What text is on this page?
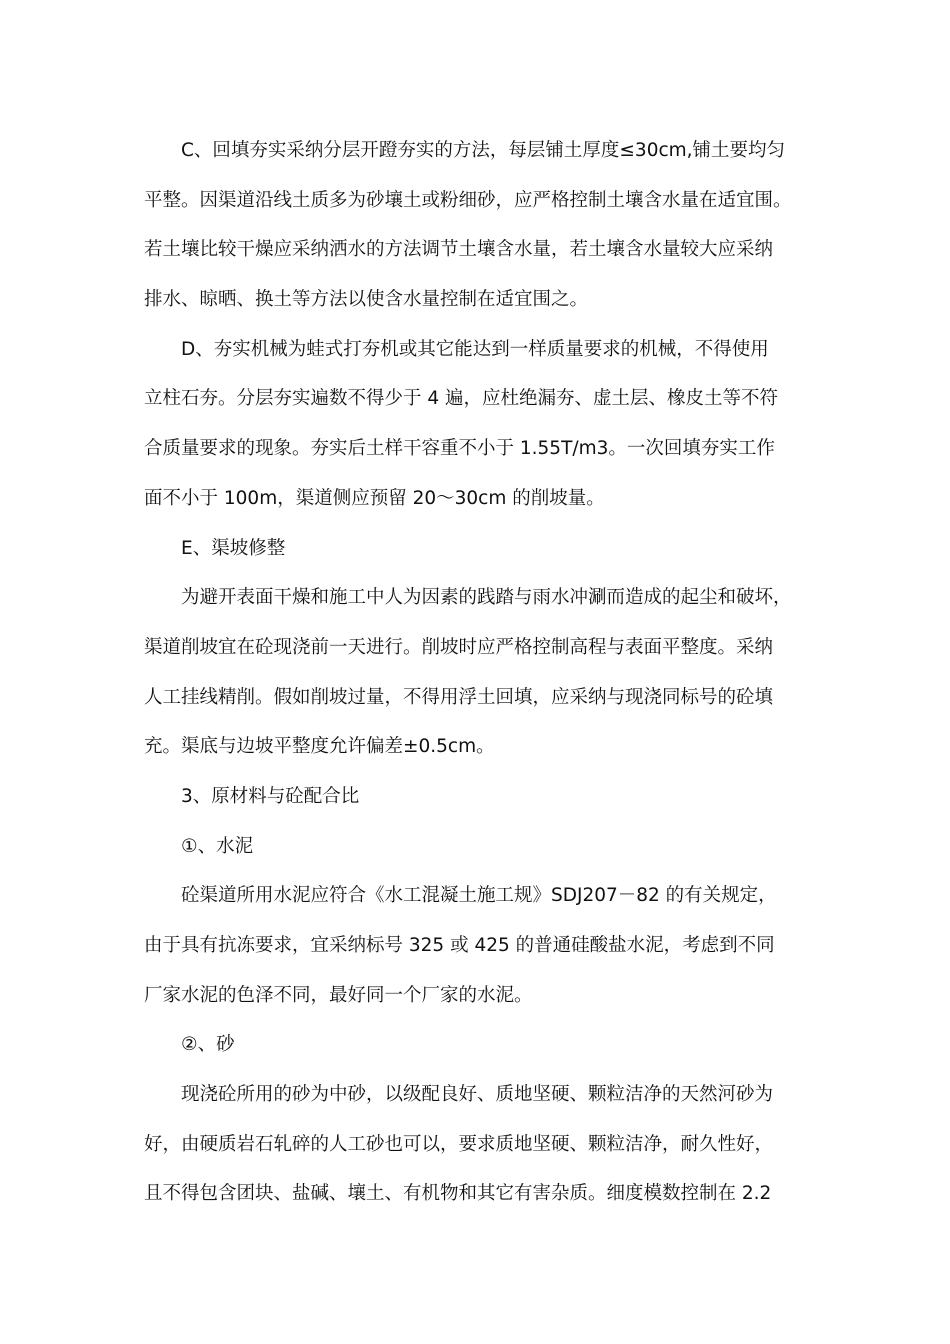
C、回填夯实采纳分层开蹬夯实的方法，每层铺土厚度≤30cm,铺土要均匀
平整。因渠道沿线土质多为砂壤土或粉细砂，应严格控制土壤含水量在适宜围。
若土壤比较干燥应采纳洒水的方法调节土壤含水量，若土壤含水量较大应采纳
排水、晾晒、换土等方法以使含水量控制在适宜围之。
D、夯实机械为蛙式打夯机或其它能达到一样质量要求的机械，不得使用
立柱石夯。分层夯实遍数不得少于 4 遍，应杜绝漏夯、虚土层、橡皮土等不符
合质量要求的现象。夯实后土样干容重不小于 1.55T/m3。一次回填夯实工作
面不小于 100m，渠道侧应预留 20～30cm 的削坡量。
E、渠坡修整
为避开表面干燥和施工中人为因素的践踏与雨水冲涮而造成的起尘和破坏，
渠道削坡宜在砼现浇前一天进行。削坡时应严格控制高程与表面平整度。采纳
人工挂线精削。假如削坡过量，不得用浮土回填，应采纳与现浇同标号的砼填
充。渠底与边坡平整度允许偏差±0.5cm。
3、原材料与砼配合比
①、水泥
砼渠道所用水泥应符合《水工混凝土施工规》SDJ207－82 的有关规定，
由于具有抗冻要求，宜采纳标号 325 或 425 的普通硅酸盐水泥，考虑到不同
厂家水泥的色泽不同，最好同一个厂家的水泥。
②、砂
现浇砼所用的砂为中砂，以级配良好、质地坚硬、颗粒洁净的天然河砂为
好，由硬质岩石轧碎的人工砂也可以，要求质地坚硬、颗粒洁净，耐久性好，
且不得包含团块、盐碱、壤土、有机物和其它有害杂质。细度模数控制在 2.2
